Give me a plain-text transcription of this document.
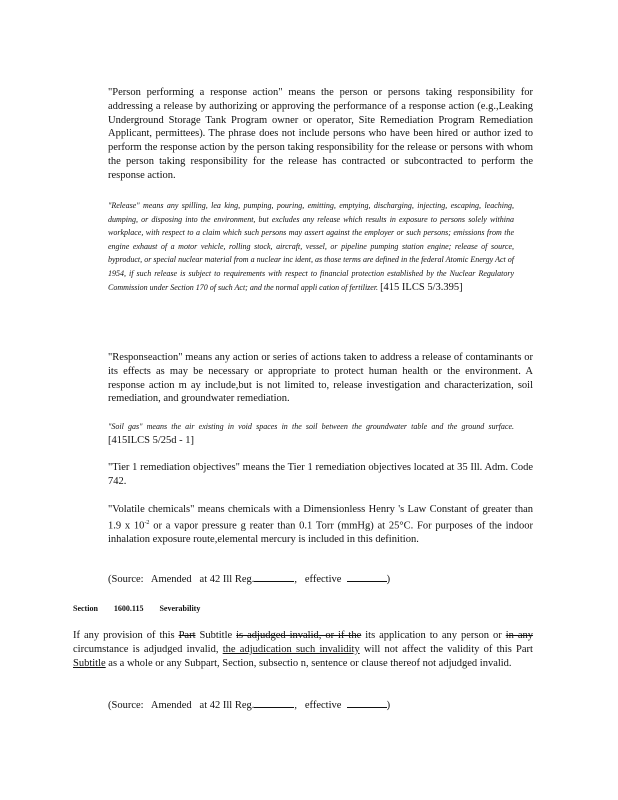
"Person performing a response action" means the person or persons taking responsibility for addressing a release by authorizing or approving the performance of a response action (e.g.,Leaking Underground Storage Tank Program owner or operator, Site Remediation Program Remediation Applicant, permittees). The phrase does not include persons who have been hired or author ized to perform the response action by the person taking responsibility for the release or persons with whom the person taking responsibility for the release has contracted or subcontracted to perform the response action.
"Release" means any spilling, lea king, pumping, pouring, emitting, emptying, discharging, injecting, escaping, leaching, dumping, or disposing into the environment, but excludes any release which results in exposure to persons solely withina workplace, with respect to a claim which such persons may assert against the employer or such persons; emissions from the engine exhaust of a motor vehicle, rolling stock, aircraft, vessel, or pipeline pumping station engine; release of source, byproduct, or special nuclear material from a nuclear inc ident, as those terms are defined in the federal Atomic Energy Act of 1954, if such release is subject to requirements with respect to financial protection established by the Nuclear Regulatory Commission under Section 170 of such Act; and the normal appli cation of fertilizer. [415 ILCS 5/3.395]
"Responseaction" means any action or series of actions taken to address a release of contaminants or its effects as may be necessary or appropriate to protect human health or the environment. A response action m ay include,but is not limited to, release investigation and characterization, soil remediation, and groundwater remediation.
"Soil gas" means the air existing in void spaces in the soil between the groundwater table and the ground surface. [415ILCS 5/25d - 1]
"Tier 1 remediation objectives" means the Tier 1 remediation objectives located at 35 Ill. Adm. Code 742.
"Volatile chemicals" means chemicals with a Dimensionless Henry 's Law Constant of greater than 1.9 x $10^{-2}$ or a vapor pressure g reater than 0.1 Torr (mmHg) at 25°C. For purposes of the indoor inhalation exposure route,elemental mercury is included in this definition.
(Source:   Amended   at 42 Ill Reg.	,   effective	)
Section 1600.115 Severability
If any provision of this Part Subtitle is adjudged invalid, or if the its application to any person or in any circumstance is adjudged invalid, the adjudication such invalidity will not affect the validity of this Part Subtitle as a whole or any Subpart, Section, subsectio n, sentence or clause thereof not adjudged invalid.
(Source:   Amended   at 42 Ill Reg.	,   effective	)
